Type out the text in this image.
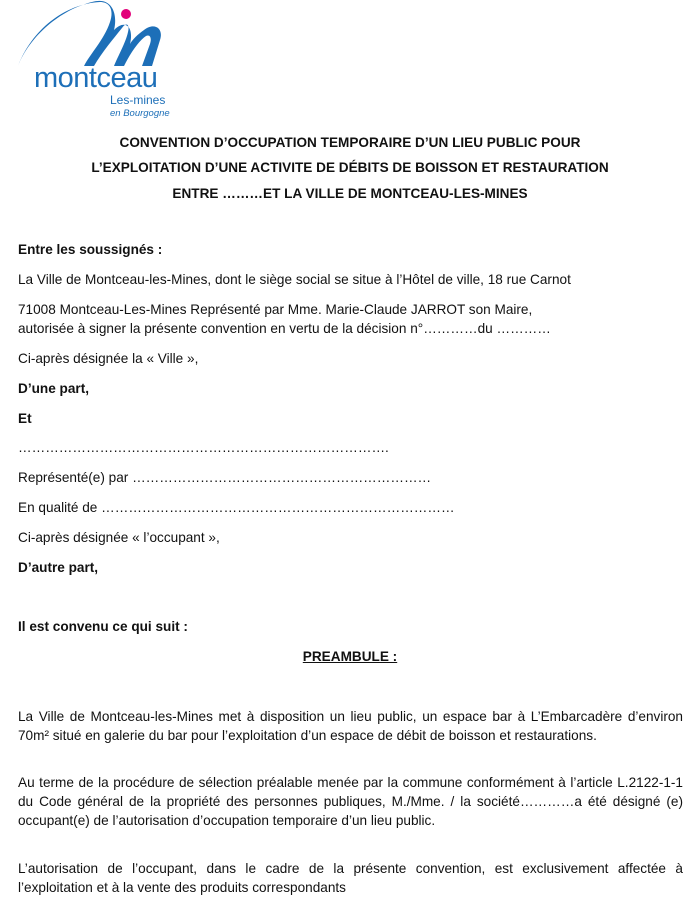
montceau
Les-mines
en Bourgogne
CONVENTION D’OCCUPATION TEMPORAIRE D’UN LIEU PUBLIC POUR
L’EXPLOITATION D’UNE ACTIVITE DE DÉBITS DE BOISSON ET RESTAURATION
ENTRE ………ET LA VILLE DE MONTCEAU-LES-MINES
Entre les soussignés :
La Ville de Montceau-les-Mines, dont le siège social se situe à l’Hôtel de ville, 18 rue Carnot
71008 Montceau-Les-Mines Représenté par Mme. Marie-Claude JARROT son Maire,
autorisée à signer la présente convention en vertu de la décision n°…………du …………
Ci-après désignée la « Ville »,
D’une part,
Et
……………………………………………………………………….
Représenté(e) par …………………………………………………………
En qualité de ……………………………………………………………………
Ci-après désignée « l’occupant »,
D’autre part,
Il est convenu ce qui suit :
PREAMBULE :
La Ville de Montceau-les-Mines met à disposition un lieu public, un espace bar à L’Embarcadère d’environ 70m² situé en galerie du bar pour l’exploitation d’un espace de débit de boisson et restaurations.
Au terme de la procédure de sélection préalable menée par la commune conformément à l’article L.2122-1-1 du Code général de la propriété des personnes publiques, M./Mme. / la société…………a été désigné (e) occupant(e) de l’autorisation d’occupation temporaire d’un lieu public.
L’autorisation de l’occupant, dans le cadre de la présente convention, est exclusivement affectée à l’exploitation et à la vente des produits correspondants
